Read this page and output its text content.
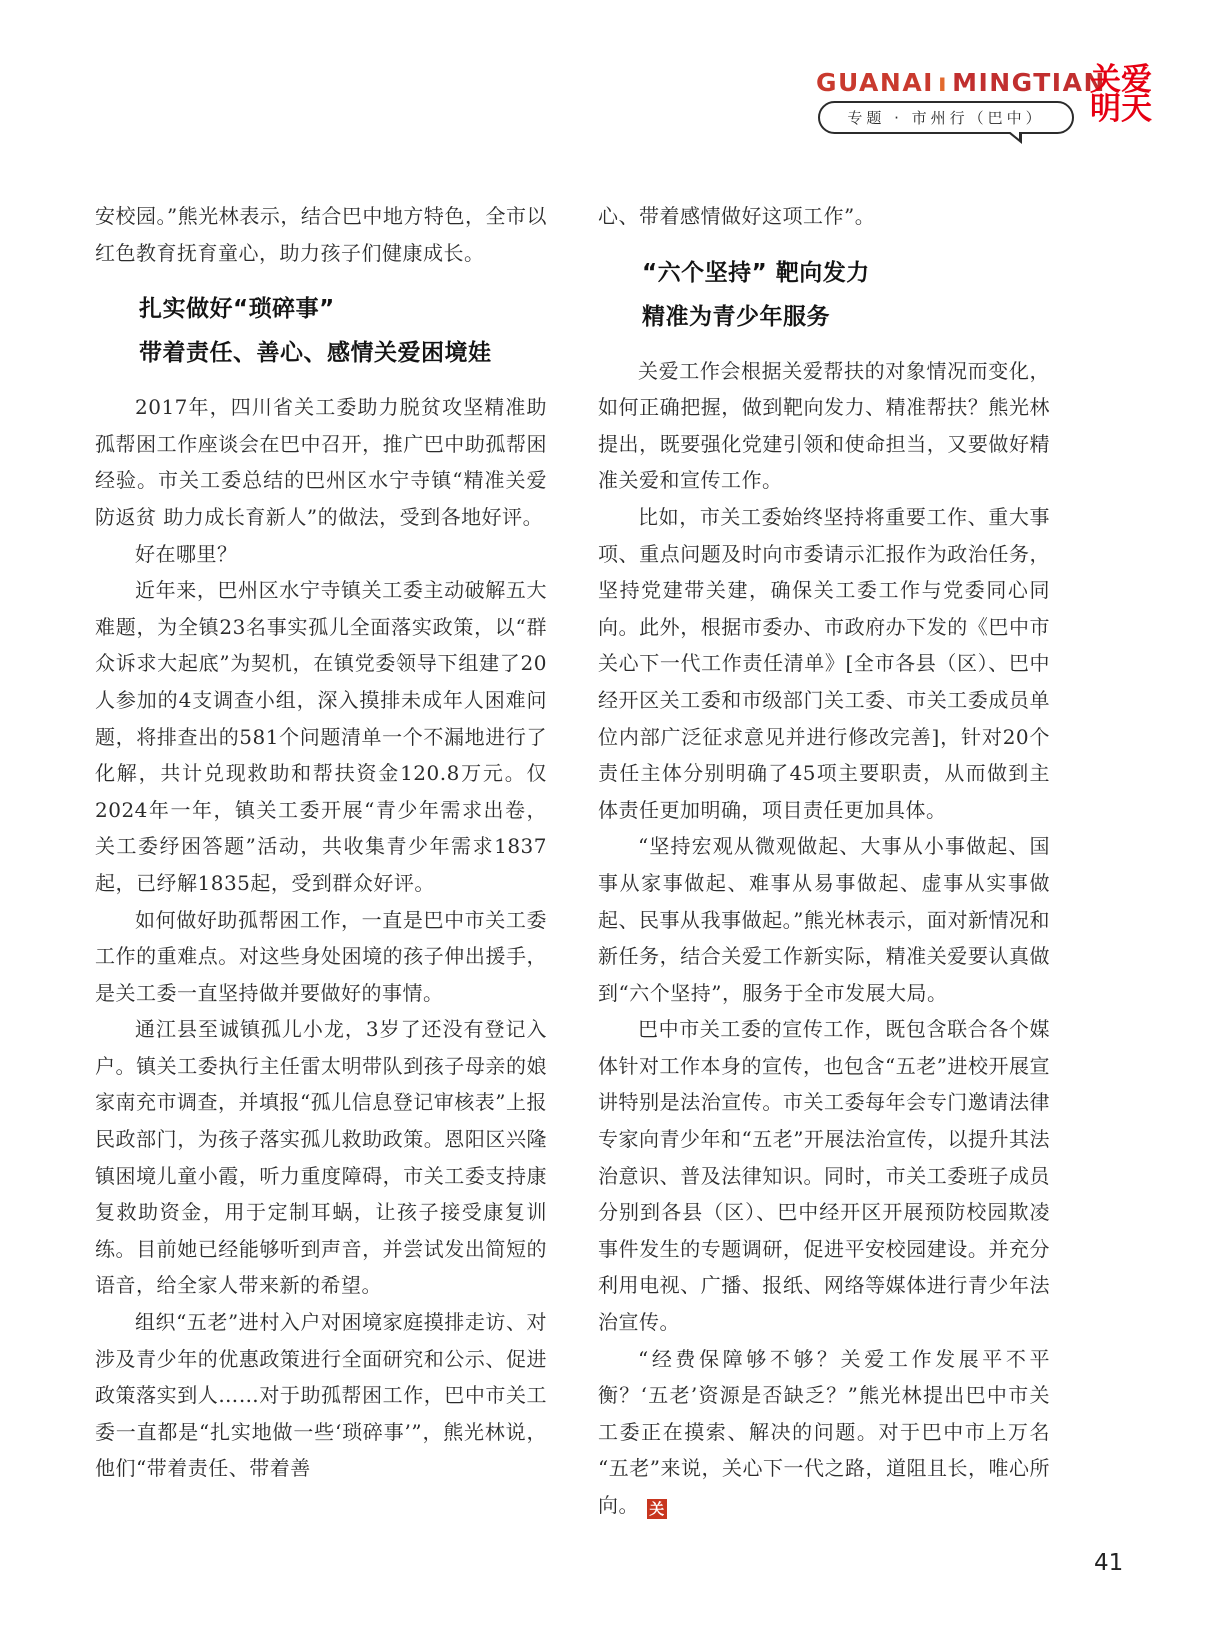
GUANAI ı MINGTIAN
专题 · 市州行（巴中）
关爱
明天

安校园。”熊光林表示，结合巴中地方特色，全市以红色教育抚育童心，助力孩子们健康成长。

扎实做好“琐碎事”
带着责任、善心、感情关爱困境娃

2017年，四川省关工委助力脱贫攻坚精准助孤帮困工作座谈会在巴中召开，推广巴中助孤帮困经验。市关工委总结的巴州区水宁寺镇“精准关爱防返贫 助力成长育新人”的做法，受到各地好评。

好在哪里？

近年来，巴州区水宁寺镇关工委主动破解五大难题，为全镇23名事实孤儿全面落实政策，以“群众诉求大起底”为契机，在镇党委领导下组建了20人参加的4支调查小组，深入摸排未成年人困难问题，将排查出的581个问题清单一个不漏地进行了化解，共计兑现救助和帮扶资金120.8万元。仅2024年一年，镇关工委开展“青少年需求出卷，关工委纾困答题”活动，共收集青少年需求1837起，已纾解1835起，受到群众好评。

如何做好助孤帮困工作，一直是巴中市关工委工作的重难点。对这些身处困境的孩子伸出援手，是关工委一直坚持做并要做好的事情。

通江县至诚镇孤儿小龙，3岁了还没有登记入户。镇关工委执行主任雷太明带队到孩子母亲的娘家南充市调查，并填报“孤儿信息登记审核表”上报民政部门，为孩子落实孤儿救助政策。恩阳区兴隆镇困境儿童小霞，听力重度障碍，市关工委支持康复救助资金，用于定制耳蜗，让孩子接受康复训练。目前她已经能够听到声音，并尝试发出简短的语音，给全家人带来新的希望。

组织“五老”进村入户对困境家庭摸排走访、对涉及青少年的优惠政策进行全面研究和公示、促进政策落实到人……对于助孤帮困工作，巴中市关工委一直都是“扎实地做一些‘琐碎事’”，熊光林说，他们“带着责任、带着善

心、带着感情做好这项工作”。

“六个坚持” 靶向发力
精准为青少年服务

关爱工作会根据关爱帮扶的对象情况而变化，如何正确把握，做到靶向发力、精准帮扶？熊光林提出，既要强化党建引领和使命担当，又要做好精准关爱和宣传工作。

比如，市关工委始终坚持将重要工作、重大事项、重点问题及时向市委请示汇报作为政治任务，坚持党建带关建，确保关工委工作与党委同心同向。此外，根据市委办、市政府办下发的《巴中市关心下一代工作责任清单》[全市各县（区）、巴中经开区关工委和市级部门关工委、市关工委成员单位内部广泛征求意见并进行修改完善]，针对20个责任主体分别明确了45项主要职责，从而做到主体责任更加明确，项目责任更加具体。

“坚持宏观从微观做起、大事从小事做起、国事从家事做起、难事从易事做起、虚事从实事做起、民事从我事做起。”熊光林表示，面对新情况和新任务，结合关爱工作新实际，精准关爱要认真做到“六个坚持”，服务于全市发展大局。

巴中市关工委的宣传工作，既包含联合各个媒体针对工作本身的宣传，也包含“五老”进校开展宣讲特别是法治宣传。市关工委每年会专门邀请法律专家向青少年和“五老”开展法治宣传，以提升其法治意识、普及法律知识。同时，市关工委班子成员分别到各县（区）、巴中经开区开展预防校园欺凌事件发生的专题调研，促进平安校园建设。并充分利用电视、广播、报纸、网络等媒体进行青少年法治宣传。

“经费保障够不够？关爱工作发展平不平衡？‘五老’资源是否缺乏？”熊光林提出巴中市关工委正在摸索、解决的问题。对于巴中市上万名“五老”来说，关心下一代之路，道阻且长，唯心所向。 关

41
